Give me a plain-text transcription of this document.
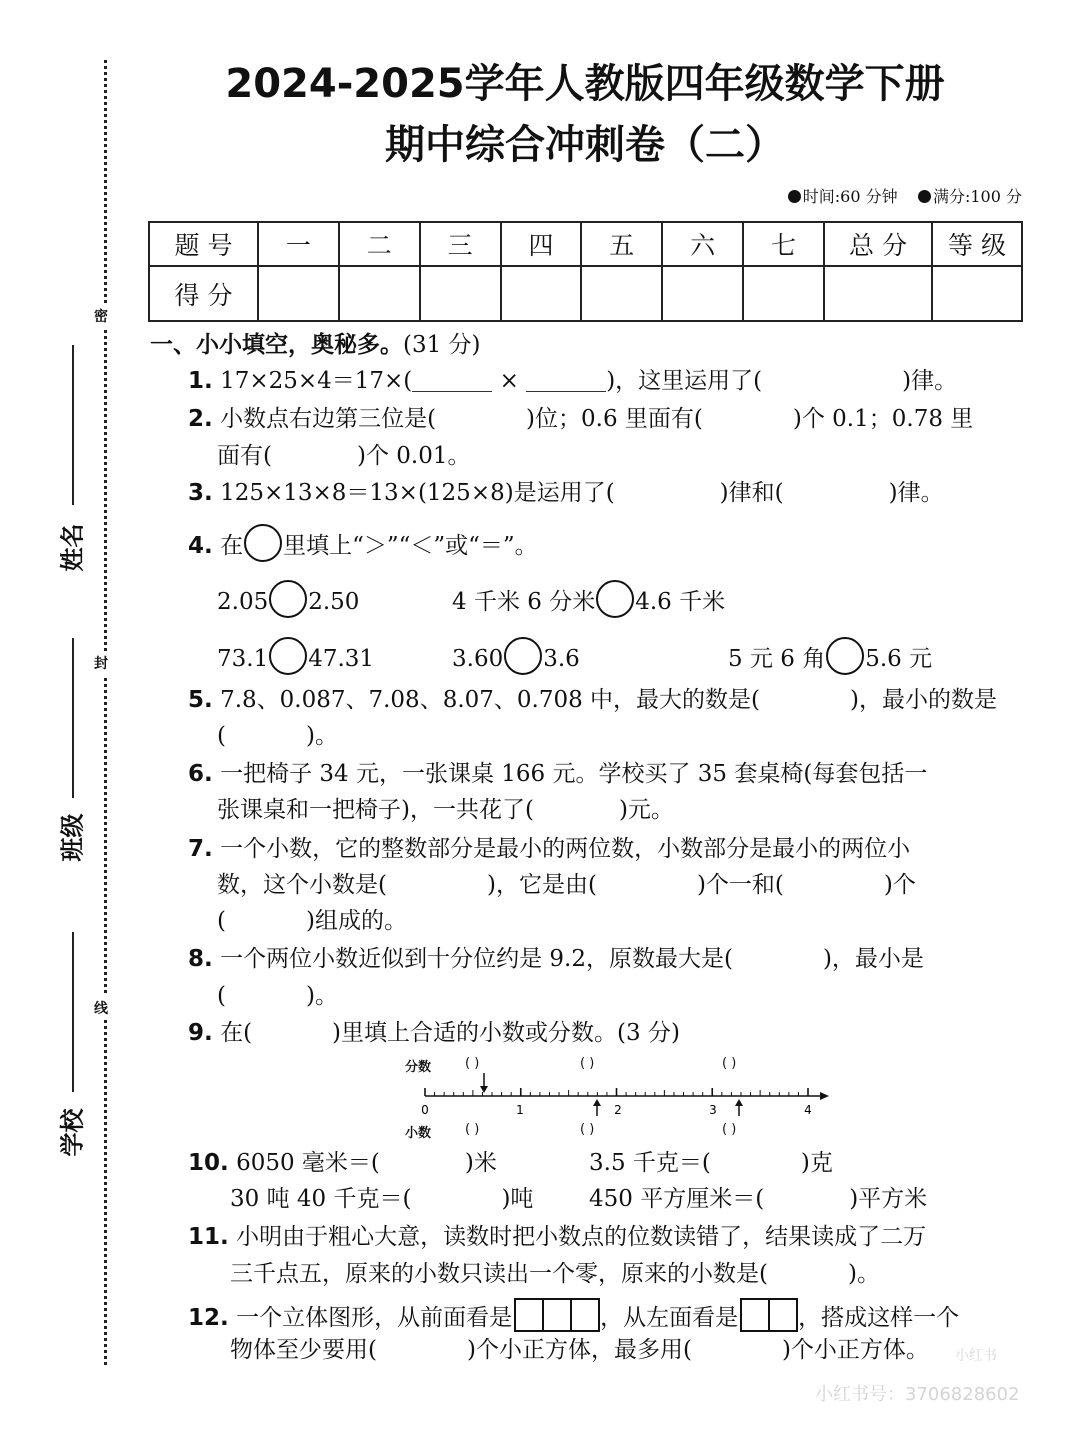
密
封
线
姓名
班级
学校
2024-2025学年人教版四年级数学下册
期中综合冲刺卷（二）
时间:60 分钟 满分:100 分
题 号	一	二	三	四	五	六	七	总 分	等 级
得 分									
一、小小填空，奥秘多。(31 分)
1. 17×25×4＝17×(	×	)，这里运用了(	)律。
2. 小数点右边第三位是(	)位；0.6 里面有(	)个 0.1；0.78 里
面有(	)个 0.01。
3. 125×13×8＝13×(125×8)是运用了(	)律和(	)律。
4. 在 里填上“＞”“＜”或“＝”。
2.05 2.50	4 千米 6 分米 4.6 千米
73.1 47.31	3.60 3.6	5 元 6 角 5.6 元
5. 7.8、0.087、7.08、8.07、0.708 中，最大的数是(	)，最小的数是
(	)。
6. 一把椅子 34 元，一张课桌 166 元。学校买了 35 套桌椅(每套包括一
张课桌和一把椅子)，一共花了(	)元。
7. 一个小数，它的整数部分是最小的两位数，小数部分是最小的两位小
数，这个小数是(	)，它是由(	)个一和(	)个
(	)组成的。
8. 一个两位小数近似到十分位约是 9.2，原数最大是(	)，最小是
(	)。
9. 在(	)里填上合适的小数或分数。(3 分)
分数
小数
( )	( )	( )
( )	( )	( )
0	1	2	3	4
10. 6050 毫米＝(	)米	3.5 千克＝(	)克
30 吨 40 千克＝(	)吨 450 平方厘米＝(	)平方米
11. 小明由于粗心大意，读数时把小数点的位数读错了，结果读成了二万
三千点五，原来的小数只读出一个零，原来的小数是(	)。
12. 一个立体图形，从前面看是	，从左面看是	，搭成这样一个
物体至少要用(	)个小正方体，最多用(	)个小正方体。 小红书
小红书号：3706828602
